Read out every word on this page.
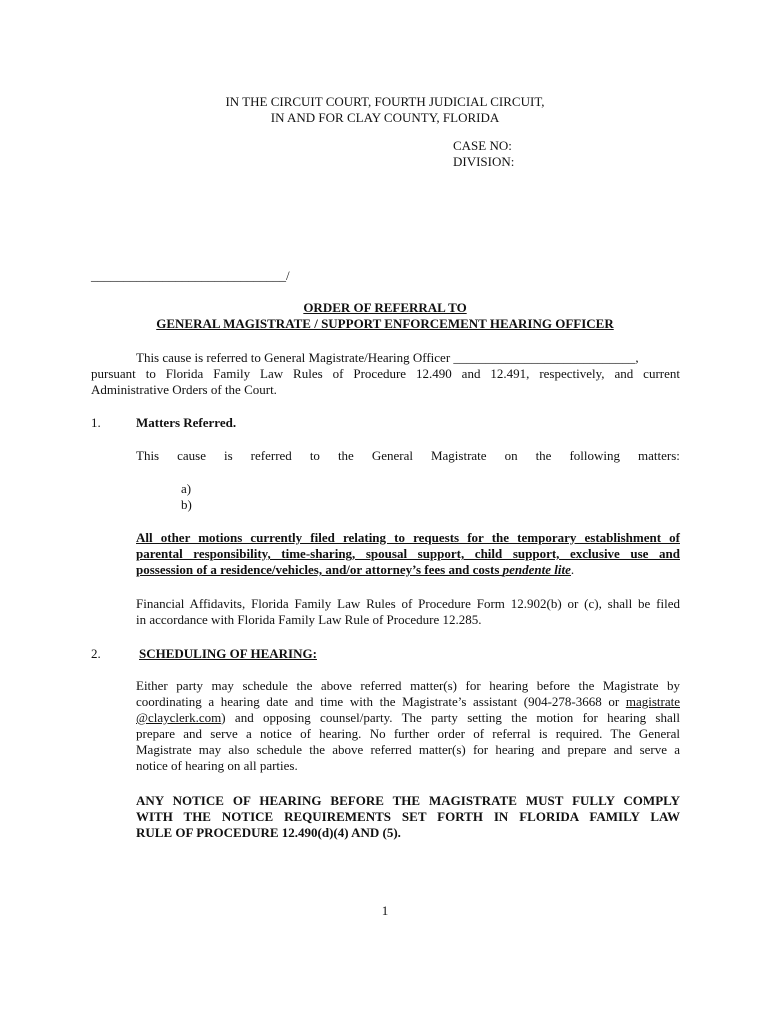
IN THE CIRCUIT COURT, FOURTH JUDICIAL CIRCUIT,

IN AND FOR CLAY COUNTY, FLORIDA

CASE NO:

DIVISION:

______________________________/

ORDER OF REFERRAL TO

GENERAL MAGISTRATE / SUPPORT ENFORCEMENT HEARING OFFICER

This cause is referred to General Magistrate/Hearing Officer ____________________________,

pursuant to Florida Family Law Rules of Procedure 12.490 and 12.491, respectively, and current

Administrative Orders of the Court.

1.	Matters Referred.
This cause is referred to the General Magistrate on the following matters:

a)

b)

All other motions currently filed relating to requests for the temporary establishment of

parental responsibility, time-sharing, spousal support, child support, exclusive use and

possession of a residence/vehicles, and/or attorney’s fees and costs pendente lite.

Financial Affidavits, Florida Family Law Rules of Procedure Form 12.902(b) or (c), shall be filed

in accordance with Florida Family Law Rule of Procedure 12.285.

2.	SCHEDULING OF HEARING:

Either party may schedule the above referred matter(s) for hearing before the Magistrate by

coordinating a hearing date and time with the Magistrate’s assistant (904-278-3668 or magistrate

@clayclerk.com) and opposing counsel/party. The party setting the motion for hearing shall

prepare and serve a notice of hearing. No further order of referral is required. The General

Magistrate may also schedule the above referred matter(s) for hearing and prepare and serve a

notice of hearing on all parties.

ANY NOTICE OF HEARING BEFORE THE MAGISTRATE MUST FULLY COMPLY

WITH THE NOTICE REQUIREMENTS SET FORTH IN FLORIDA FAMILY LAW

RULE OF PROCEDURE 12.490(d)(4) AND (5).

1
